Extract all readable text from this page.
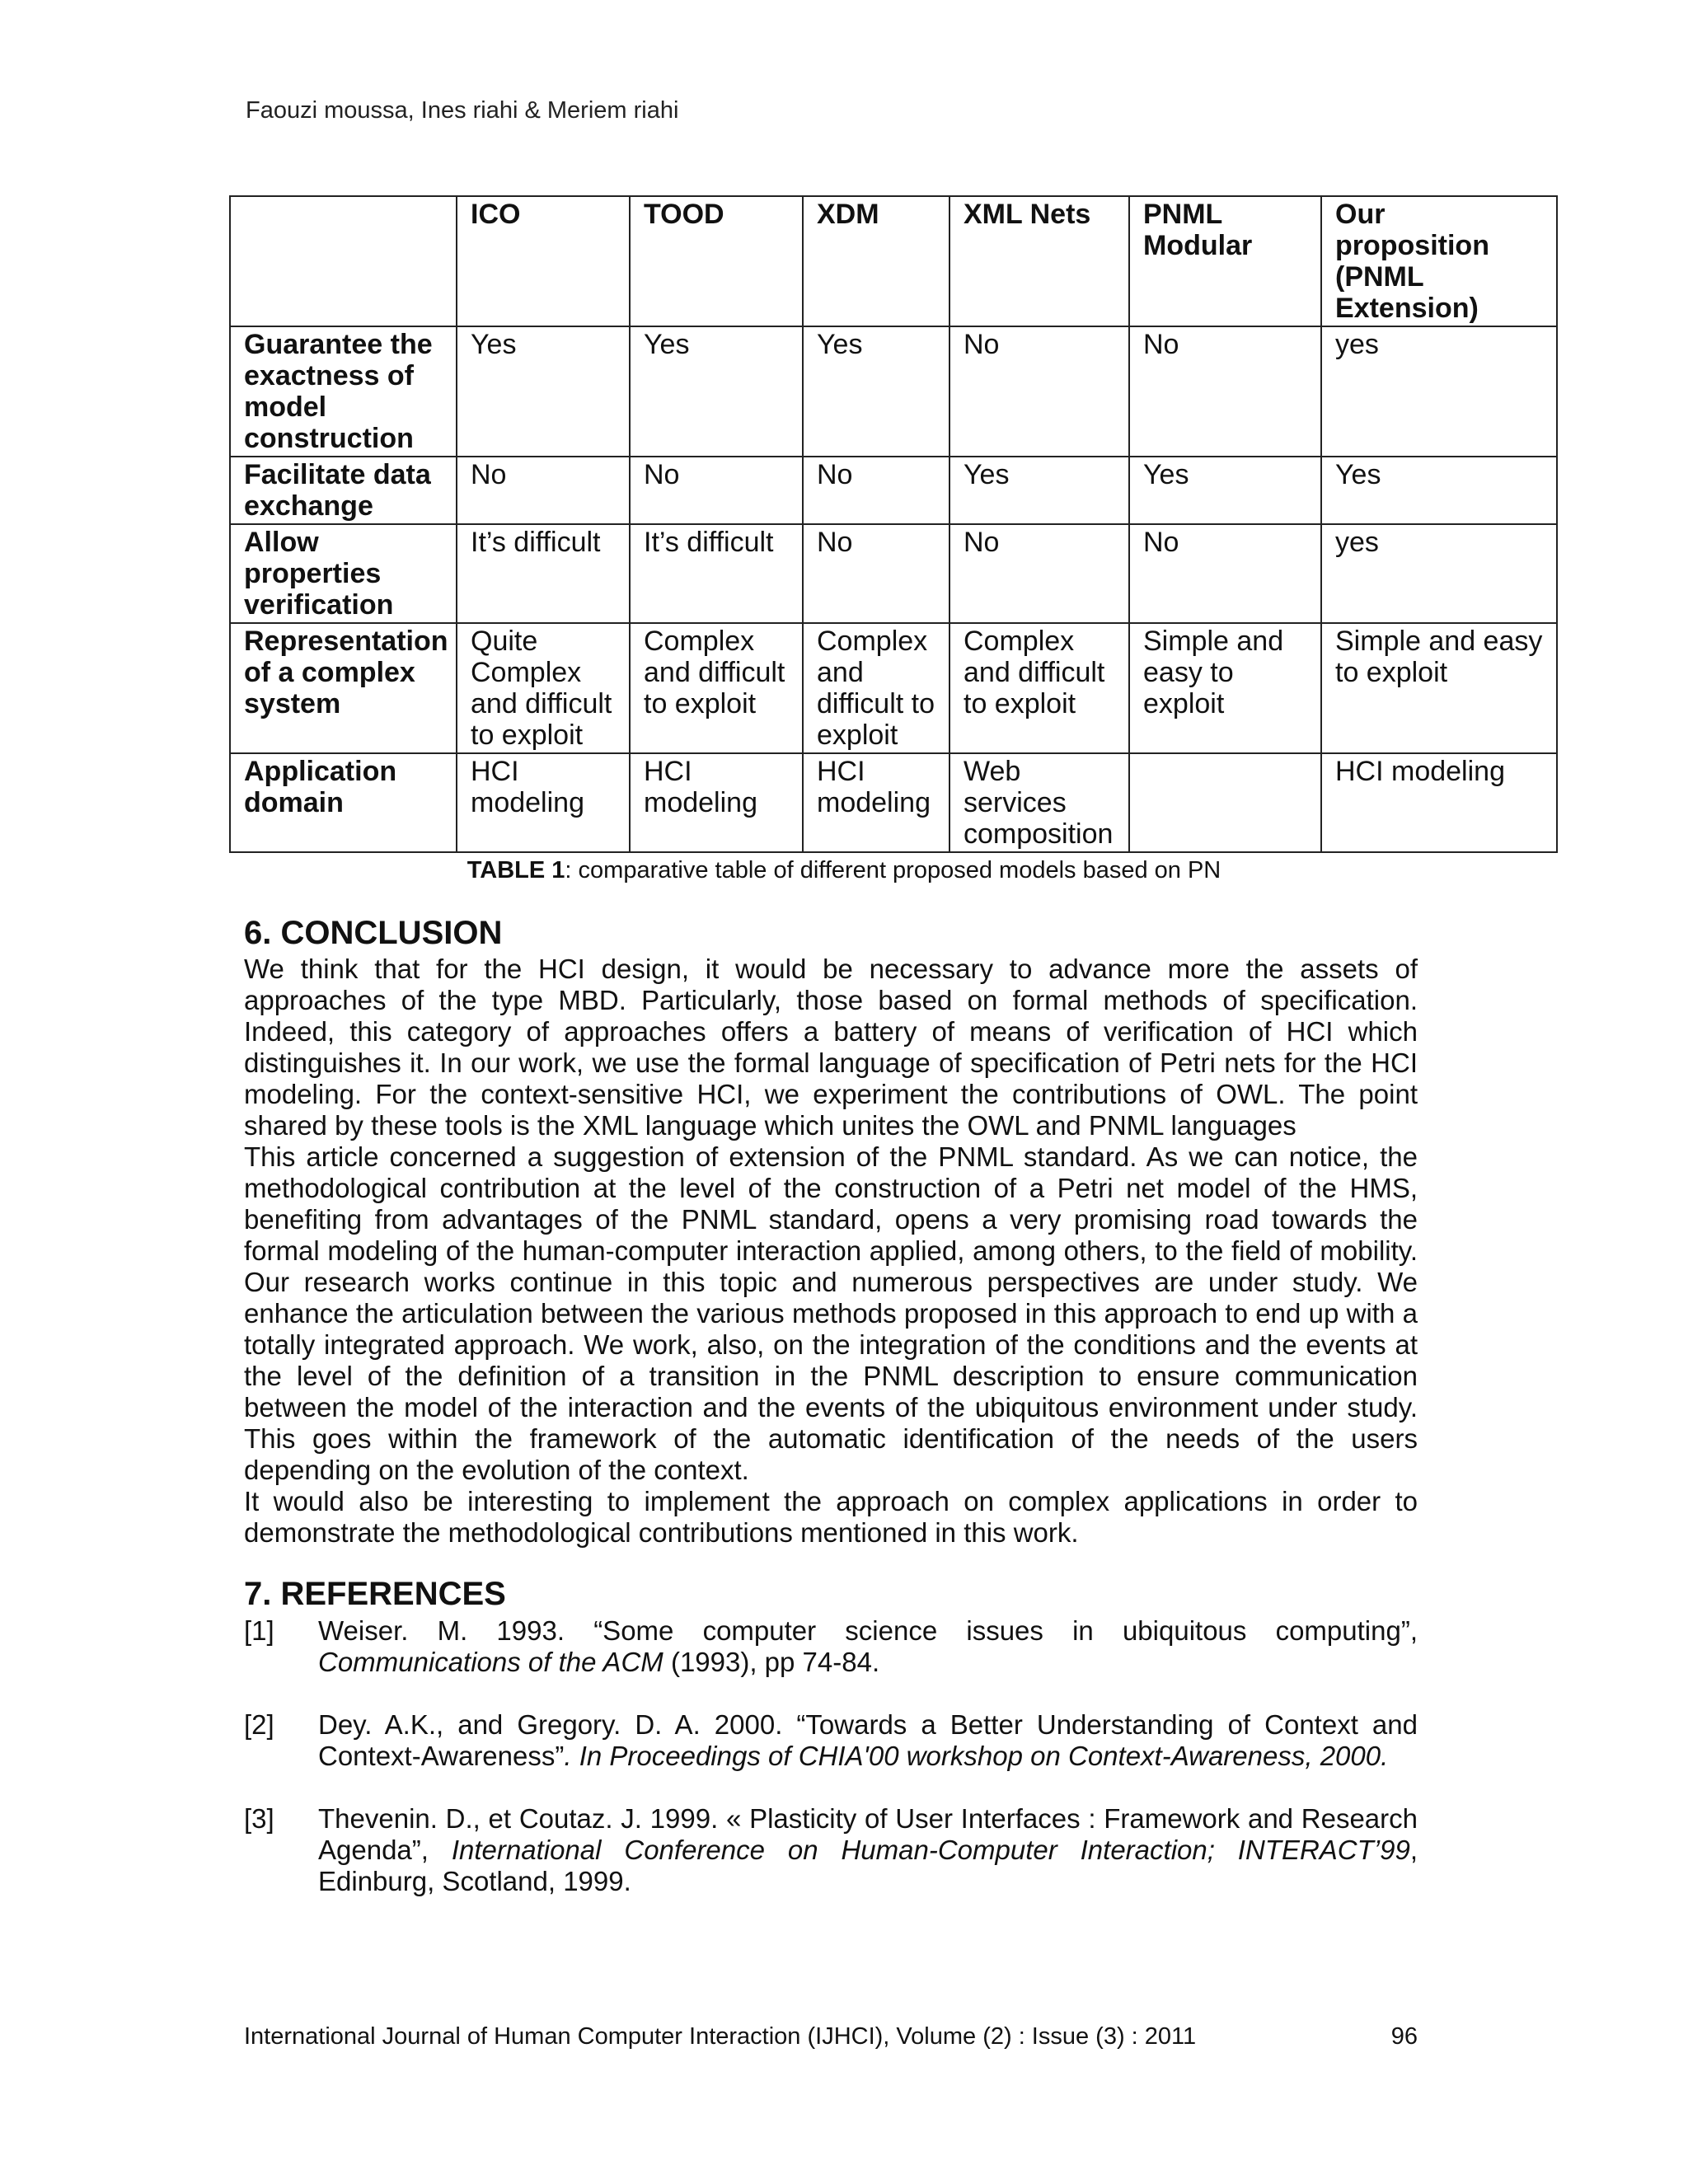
Faouzi moussa, Ines riahi & Meriem riahi
	ICO	TOOD	XDM	XML Nets	PNML Modular	Our proposition (PNML Extension)
Guarantee the exactness of model construction	Yes	Yes	Yes	No	No	yes
Facilitate data exchange	No	No	No	Yes	Yes	Yes
Allow properties verification	It’s difficult	It’s difficult	No	No	No	yes
Representation of a complex system	Quite Complex and difficult to exploit	Complex and difficult to exploit	Complex and difficult to exploit	Complex and difficult to exploit	Simple and easy to exploit	Simple and easy to exploit
Application domain	HCI modeling	HCI modeling	HCI modeling	Web services composition		HCI modeling
TABLE 1: comparative table of different proposed models based on PN
6. CONCLUSION

We think that for the HCI design, it would be necessary to advance more the assets of approaches of the type MBD. Particularly, those based on formal methods of specification. Indeed, this category of approaches offers a battery of means of verification of HCI which distinguishes it. In our work, we use the formal language of specification of Petri nets for the HCI modeling. For the context-sensitive HCI, we experiment the contributions of OWL. The point shared by these tools is the XML language which unites the OWL and PNML languages

This article concerned a suggestion of extension of the PNML standard. As we can notice, the methodological contribution at the level of the construction of a Petri net model of the HMS, benefiting from advantages of the PNML standard, opens a very promising road towards the formal modeling of the human-computer interaction applied, among others, to the field of mobility. Our research works continue in this topic and numerous perspectives are under study. We enhance the articulation between the various methods proposed in this approach to end up with a totally integrated approach. We work, also, on the integration of the conditions and the events at the level of the definition of a transition in the PNML description to ensure communication between the model of the interaction and the events of the ubiquitous environment under study. This goes within the framework of the automatic identification of the needs of the users depending on the evolution of the context.

It would also be interesting to implement the approach on complex applications in order to demonstrate the methodological contributions mentioned in this work.

7. REFERENCES
[1]	Weiser. M. 1993. “Some computer science issues in ubiquitous computing”, Communications of the ACM (1993), pp 74-84.
[2]	Dey. A.K., and Gregory. D. A. 2000. “Towards a Better Understanding of Context and Context-Awareness”. In Proceedings of CHIA'00 workshop on Context-Awareness, 2000.
[3]	Thevenin. D., et Coutaz. J. 1999. « Plasticity of User Interfaces : Framework and Research Agenda”, International Conference on Human-Computer Interaction; INTERACT’99, Edinburg, Scotland, 1999.
International Journal of Human Computer Interaction (IJHCI), Volume (2) : Issue (3) : 2011	96
